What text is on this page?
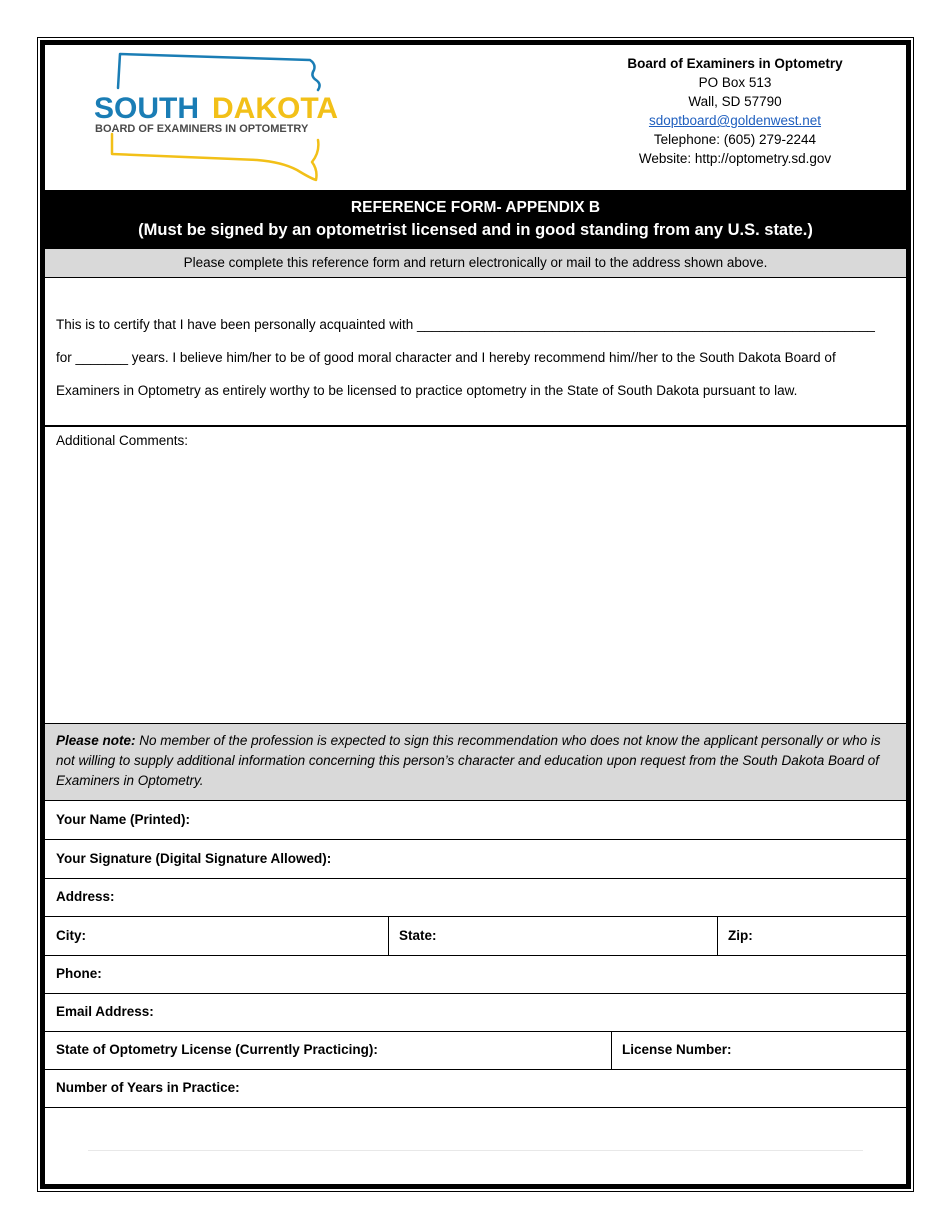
SOUTH DAKOTA
BOARD OF EXAMINERS IN OPTOMETRY
Board of Examiners in Optometry
PO Box 513
Wall, SD 57790
sdoptboard@goldenwest.net
Telephone: (605) 279-2244
Website: http://optometry.sd.gov
REFERENCE FORM- APPENDIX B
(Must be signed by an optometrist licensed and in good standing from any U.S. state.)
Please complete this reference form and return electronically or mail to the address shown above.
This is to certify that I have been personally acquainted with _____________________________________________________________
for _______ years. I believe him/her to be of good moral character and I hereby recommend him//her to the South Dakota Board of
Examiners in Optometry as entirely worthy to be licensed to practice optometry in the State of South Dakota pursuant to law.
Additional Comments:
Please note: No member of the profession is expected to sign this recommendation who does not know the applicant personally or who is not willing to supply additional information concerning this person’s character and education upon request from the South Dakota Board of Examiners in Optometry.
Your Name (Printed):
Your Signature (Digital Signature Allowed):
Address:
City:	State:	Zip:
Phone:
Email Address:
State of Optometry License (Currently Practicing):	License Number:
Number of Years in Practice:
